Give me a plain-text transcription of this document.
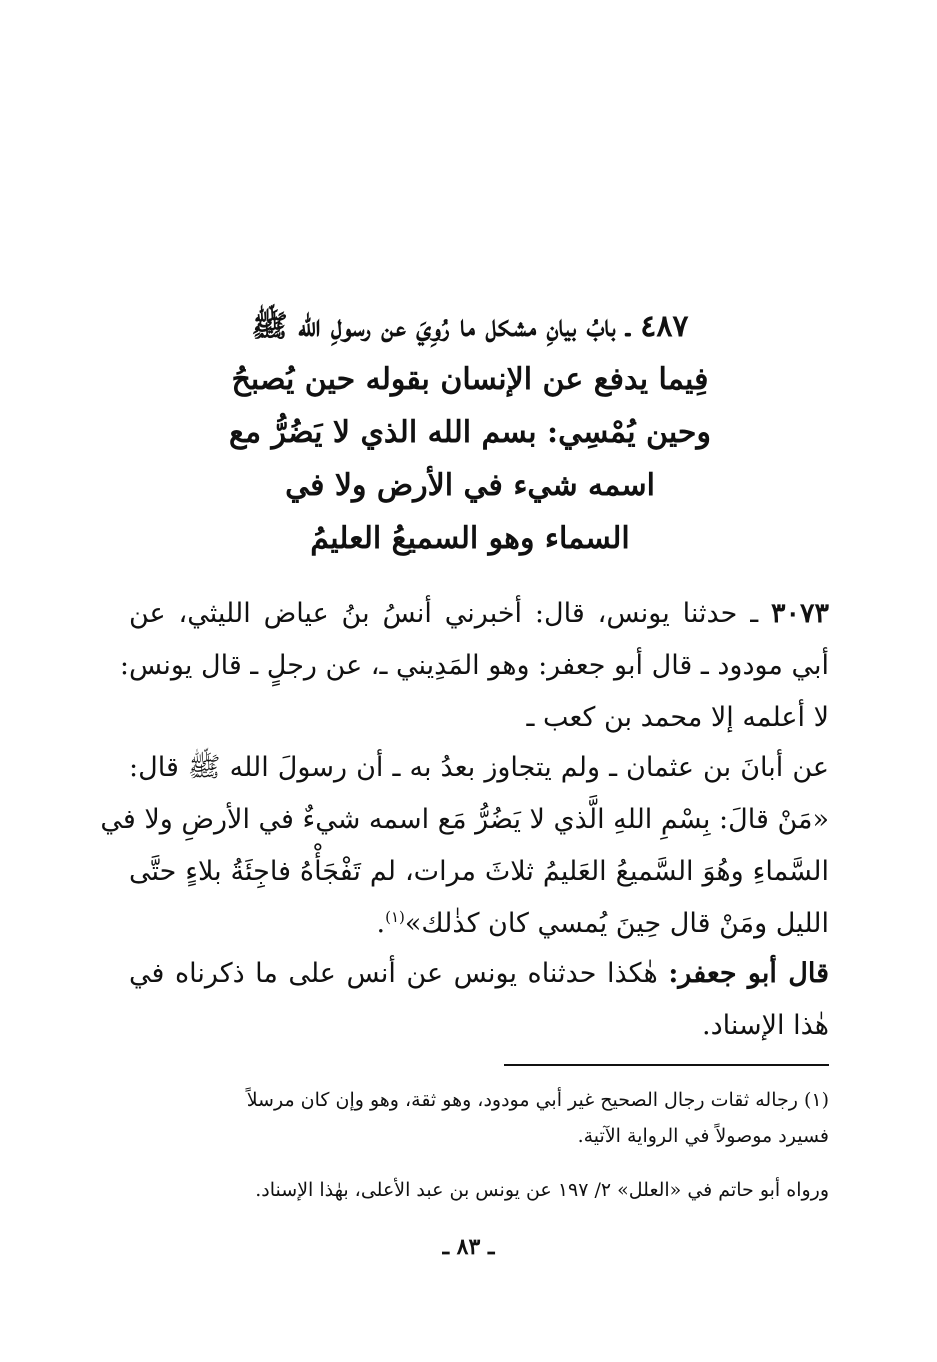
٤٨٧ ـ بابُ بيانِ مشكل ما رُوِيَ عن رسولِ الله ﷺ
فِيما يدفع عن الإنسان بقوله حين يُصبحُ
وحين يُمْسِي: بسم الله الذي لا يَضُرُّ مع
اسمه شيء في الأرض ولا في
السماء وهو السميعُ العليمُ
٣٠٧٣ ـ حدثنا يونس، قال: أخبرني أنسُ بنُ عياض الليثي، عن
أبي مودود ـ قال أبو جعفر: وهو المَدِيني ـ، عن رجلٍ ـ قال يونس:
لا أعلمه إلا محمد بن كعب ـ
عن أبانَ بن عثمان ـ ولم يتجاوز بعدُ به ـ أن رسولَ الله ﷺ قال:
«مَنْ قالَ: بِسْمِ اللهِ الَّذي لا يَضُرُّ مَع اسمه شيءٌ في الأرضِ ولا في
السَّماءِ وهُوَ السَّميعُ العَليمُ ثلاثَ مرات، لم تَفْجَأْهُ فاجِئَةُ بلاءٍ حتَّى
الليل ومَنْ قال حِينَ يُمسي كان كذٰلك»$^{(١)}$.
قال أبو جعفر: هٰكذا حدثناه يونس عن أنس على ما ذكرناه في
هٰذا الإسناد.
(١) رجاله ثقات رجال الصحيح غير أبي مودود، وهو ثقة، وهو وإن كان مرسلاً
فسيرد موصولاً في الرواية الآتية.
ورواه أبو حاتم في «العلل» ٢/ ١٩٧ عن يونس بن عبد الأعلى، بهٰذا الإسناد.
ـ ٨٣ ـ
